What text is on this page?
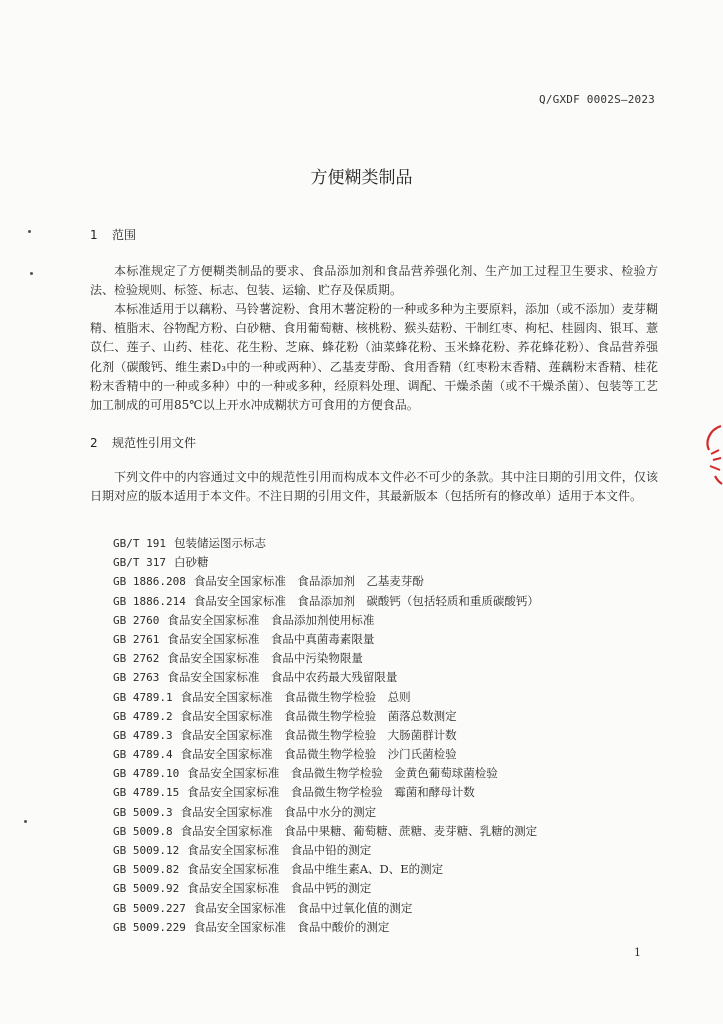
Q/GXDF 0002S—2023
方便糊类制品
1 范围
本标准规定了方便糊类制品的要求、食品添加剂和食品营养强化剂、生产加工过程卫生要求、检验方法、检验规则、标签、标志、包装、运输、贮存及保质期。
本标准适用于以藕粉、马铃薯淀粉、食用木薯淀粉的一种或多种为主要原料，添加（或不添加）麦芽糊精、植脂末、谷物配方粉、白砂糖、食用葡萄糖、核桃粉、猴头菇粉、干制红枣、枸杞、桂圆肉、银耳、薏苡仁、莲子、山药、桂花、花生粉、芝麻、蜂花粉（油菜蜂花粉、玉米蜂花粉、荞花蜂花粉）、食品营养强化剂（碳酸钙、维生素D₃中的一种或两种）、乙基麦芽酚、食用香精（红枣粉末香精、莲藕粉末香精、桂花粉末香精中的一种或多种）中的一种或多种，经原料处理、调配、干燥杀菌（或不干燥杀菌）、包装等工艺加工制成的可用85℃以上开水冲成糊状方可食用的方便食品。
2 规范性引用文件
下列文件中的内容通过文中的规范性引用而构成本文件必不可少的条款。其中注日期的引用文件，仅该日期对应的版本适用于本文件。不注日期的引用文件，其最新版本（包括所有的修改单）适用于本文件。
GB/T 191 包装储运图示标志
GB/T 317 白砂糖
GB 1886.208 食品安全国家标准　食品添加剂　乙基麦芽酚
GB 1886.214 食品安全国家标准　食品添加剂　碳酸钙（包括轻质和重质碳酸钙）
GB 2760 食品安全国家标准　食品添加剂使用标准
GB 2761 食品安全国家标准　食品中真菌毒素限量
GB 2762 食品安全国家标准　食品中污染物限量
GB 2763 食品安全国家标准　食品中农药最大残留限量
GB 4789.1 食品安全国家标准　食品微生物学检验　总则
GB 4789.2 食品安全国家标准　食品微生物学检验　菌落总数测定
GB 4789.3 食品安全国家标准　食品微生物学检验　大肠菌群计数
GB 4789.4 食品安全国家标准　食品微生物学检验　沙门氏菌检验
GB 4789.10 食品安全国家标准　食品微生物学检验　金黄色葡萄球菌检验
GB 4789.15 食品安全国家标准　食品微生物学检验　霉菌和酵母计数
GB 5009.3 食品安全国家标准　食品中水分的测定
GB 5009.8 食品安全国家标准　食品中果糖、葡萄糖、蔗糖、麦芽糖、乳糖的测定
GB 5009.12 食品安全国家标准　食品中铅的测定
GB 5009.82 食品安全国家标准　食品中维生素A、D、E的测定
GB 5009.92 食品安全国家标准　食品中钙的测定
GB 5009.227 食品安全国家标准　食品中过氧化值的测定
GB 5009.229 食品安全国家标准　食品中酸价的测定
1
